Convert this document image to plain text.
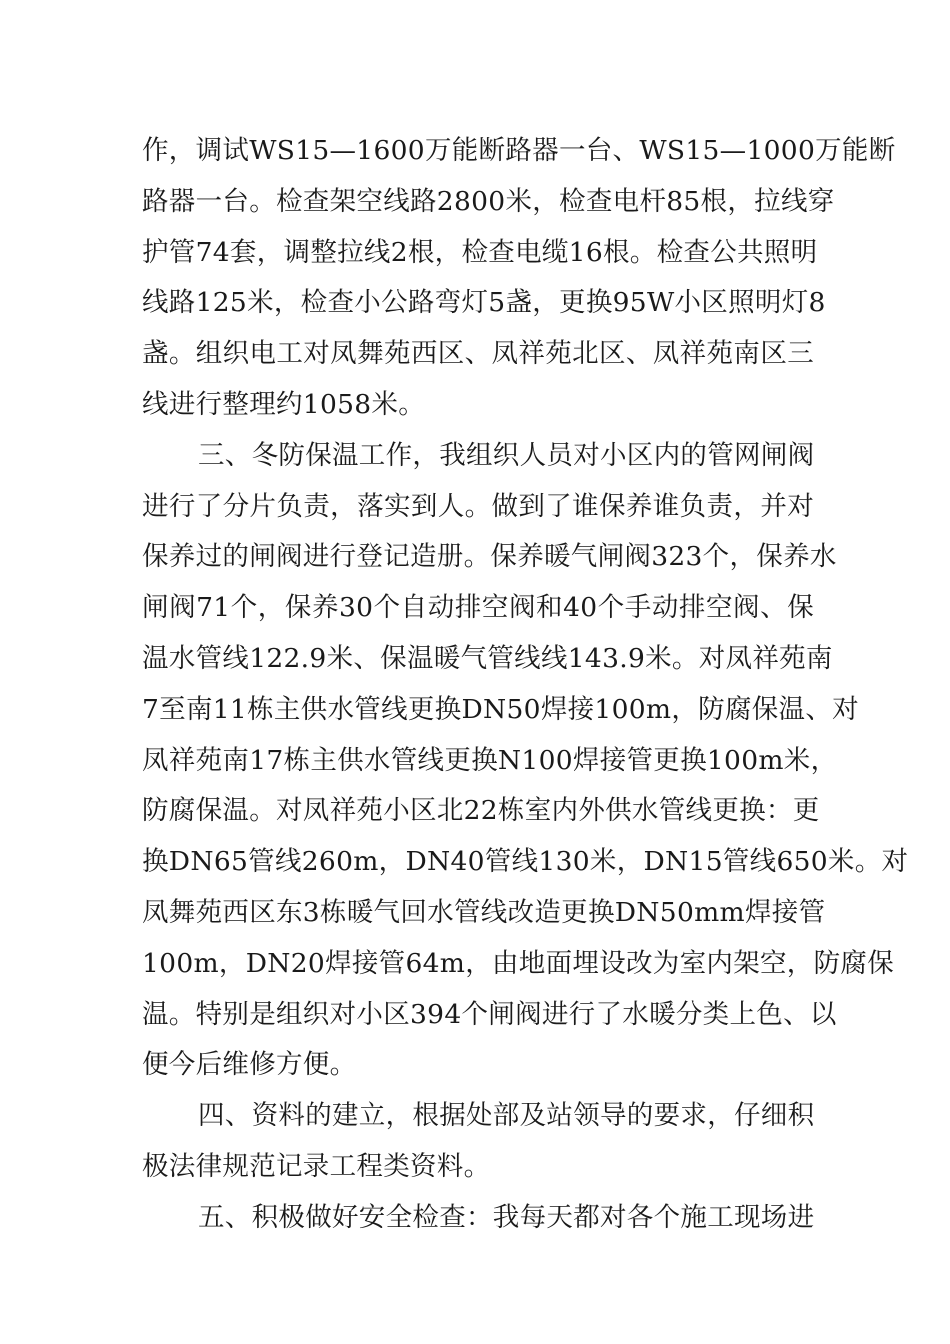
作，调试WS15—1600万能断路器一台、WS15—1000万能断
路器一台。检查架空线路2800米，检查电杆85根，拉线穿
护管74套，调整拉线2根，检查电缆16根。检查公共照明
线路125米，检查小公路弯灯5盏，更换95W小区照明灯8
盏。组织电工对凤舞苑西区、凤祥苑北区、凤祥苑南区三
线进行整理约1058米。
三、冬防保温工作，我组织人员对小区内的管网闸阀
进行了分片负责，落实到人。做到了谁保养谁负责，并对
保养过的闸阀进行登记造册。保养暖气闸阀323个，保养水
闸阀71个，保养30个自动排空阀和40个手动排空阀、保
温水管线122.9米、保温暖气管线线143.9米。对凤祥苑南
7至南11栋主供水管线更换DN50焊接100m，防腐保温、对
凤祥苑南17栋主供水管线更换N100焊接管更换100m米，
防腐保温。对凤祥苑小区北22栋室内外供水管线更换：更
换DN65管线260m，DN40管线130米，DN15管线650米。对
凤舞苑西区东3栋暖气回水管线改造更换DN50mm焊接管
100m，DN20焊接管64m，由地面埋设改为室内架空，防腐保
温。特别是组织对小区394个闸阀进行了水暖分类上色、以
便今后维修方便。
四、资料的建立，根据处部及站领导的要求，仔细积
极法律规范记录工程类资料。
五、积极做好安全检查：我每天都对各个施工现场进
